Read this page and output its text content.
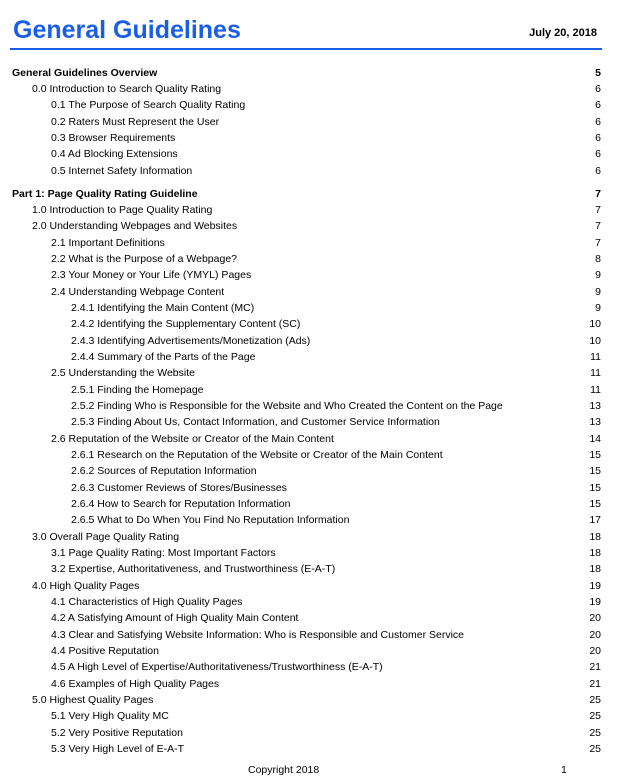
General Guidelines	July 20, 2018
General Guidelines Overview	5
0.0 Introduction to Search Quality Rating	6
0.1 The Purpose of Search Quality Rating	6
0.2 Raters Must Represent the User	6
0.3 Browser Requirements	6
0.4 Ad Blocking Extensions	6
0.5 Internet Safety Information	6
Part 1: Page Quality Rating Guideline	7
1.0 Introduction to Page Quality Rating	7
2.0 Understanding Webpages and Websites	7
2.1 Important Definitions	7
2.2 What is the Purpose of a Webpage?	8
2.3 Your Money or Your Life (YMYL) Pages	9
2.4 Understanding Webpage Content	9
2.4.1 Identifying the Main Content (MC)	9
2.4.2 Identifying the Supplementary Content (SC)	10
2.4.3 Identifying Advertisements/Monetization (Ads)	10
2.4.4 Summary of the Parts of the Page	11
2.5 Understanding the Website	11
2.5.1 Finding the Homepage	11
2.5.2 Finding Who is Responsible for the Website and Who Created the Content on the Page	13
2.5.3 Finding About Us, Contact Information, and Customer Service Information	13
2.6 Reputation of the Website or Creator of the Main Content	14
2.6.1 Research on the Reputation of the Website or Creator of the Main Content	15
2.6.2 Sources of Reputation Information	15
2.6.3 Customer Reviews of Stores/Businesses	15
2.6.4 How to Search for Reputation Information	15
2.6.5 What to Do When You Find No Reputation Information	17
3.0 Overall Page Quality Rating	18
3.1 Page Quality Rating: Most Important Factors	18
3.2 Expertise, Authoritativeness, and Trustworthiness (E-A-T)	18
4.0 High Quality Pages	19
4.1 Characteristics of High Quality Pages	19
4.2 A Satisfying Amount of High Quality Main Content	20
4.3 Clear and Satisfying Website Information: Who is Responsible and Customer Service	20
4.4 Positive Reputation	20
4.5 A High Level of Expertise/Authoritativeness/Trustworthiness (E-A-T)	21
4.6 Examples of High Quality Pages	21
5.0 Highest Quality Pages	25
5.1 Very High Quality MC	25
5.2 Very Positive Reputation	25
5.3 Very High Level of E-A-T	25
Copyright 2018	1
